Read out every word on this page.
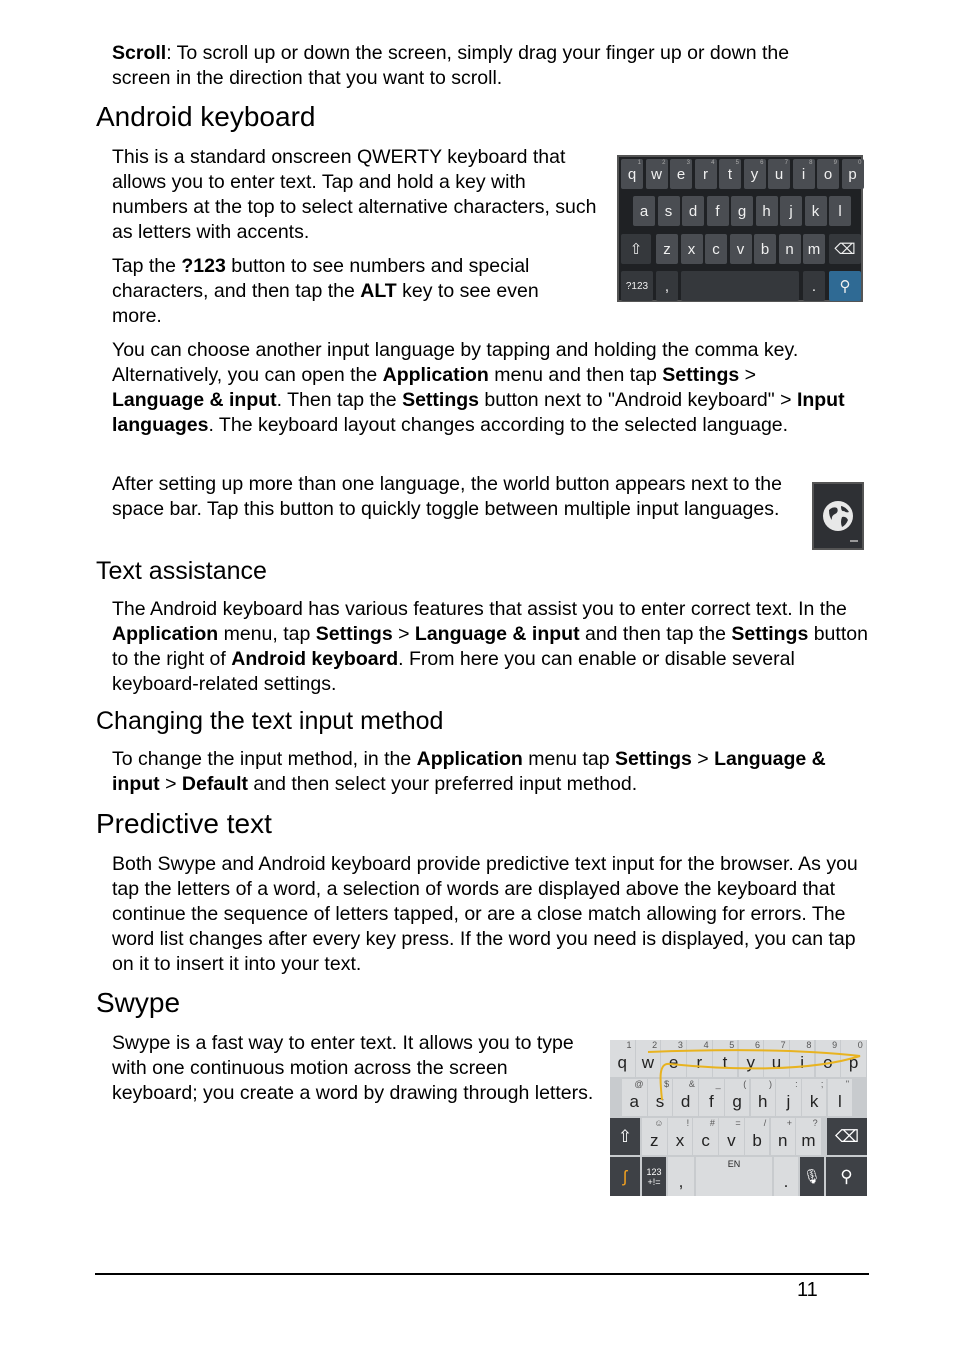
Scroll: To scroll up or down the screen, simply drag your finger up or down the screen in the direction that you want to scroll.
Android keyboard
This is a standard onscreen QWERTY keyboard that allows you to enter text. Tap and hold a key with numbers at the top to select alternative characters, such as letters with accents.
Tap the ?123 button to see numbers and special characters, and then tap the ALT key to see even more.
q
1
w
2
e
3
r
4
t
5
y
6
u
7
i
8
o
9
p
0
a	s	d	f	g	h	j	k	l
⇧	z	x	c	v	b	n m ⌫
?123	,	.	⚲
You can choose another input language by tapping and holding the comma key. Alternatively, you can open the Application menu and then tap Settings > Language & input. Then tap the Settings button next to "Android keyboard" > Input languages. The keyboard layout changes according to the selected language.
After setting up more than one language, the world button appears next to the space bar. Tap this button to quickly toggle between multiple input languages.
Text assistance
The Android keyboard has various features that assist you to enter correct text. In the Application menu, tap Settings > Language & input and then tap the Settings button to the right of Android keyboard. From here you can enable or disable several keyboard-related settings.
Changing the text input method
To change the input method, in the Application menu tap Settings > Language & input > Default and then select your preferred input method.
Predictive text
Both Swype and Android keyboard provide predictive text input for the browser. As you tap the letters of a word, a selection of words are displayed above the keyboard that continue the sequence of letters tapped, or are a close match allowing for errors. The word list changes after every key press. If the word you need is displayed, you can tap on it to insert it into your text.
Swype
Swype is a fast way to enter text. It allows you to type with one continuous motion across the screen keyboard; you create a word by drawing through letters.
q
1
w
2
e
3
r
4
t
5
y
6
u
7
i
8
o
9
p
0
a
@
s
$
d
&
f
_
g
(
h
)
j
:
k
;
l
"
⇧ z
☺
x
!
c
#
v
=
b
/
n
+
m
?
⌫
ʃ 123
+!= ,
EN
. 🎙 ⚲
11
